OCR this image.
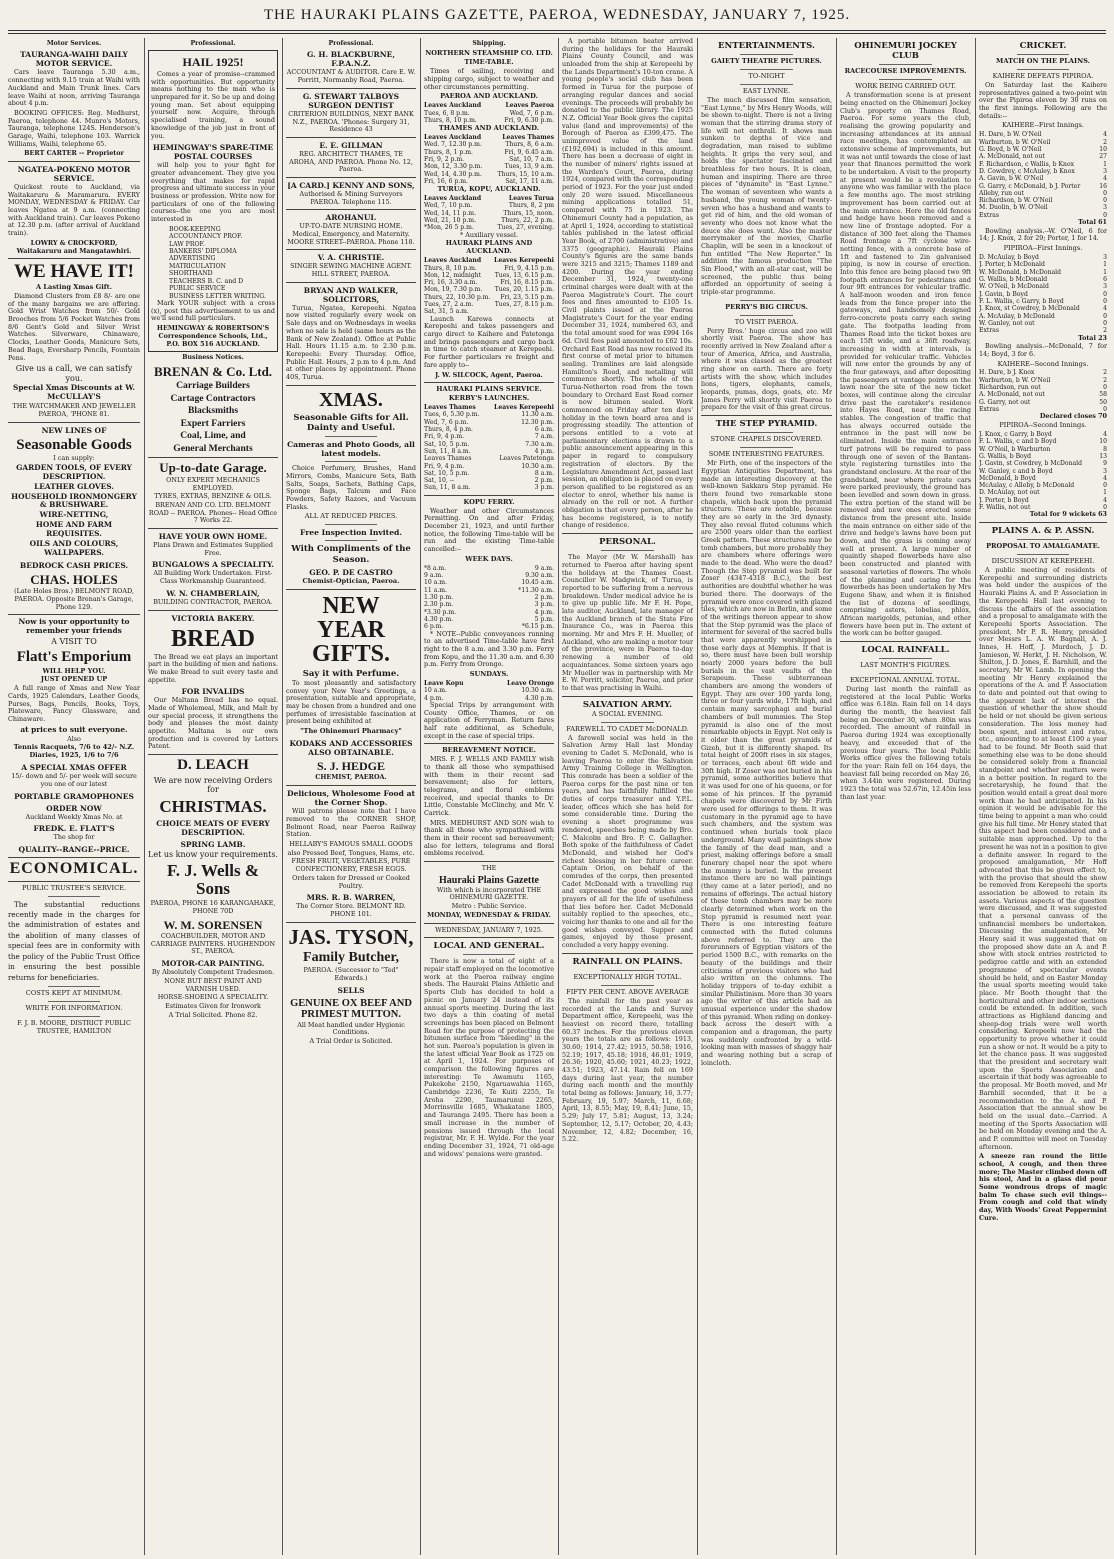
THE HAURAKI PLAINS GAZETTE, PAEROA, WEDNESDAY, JANUARY 7, 1925.
Motor Services.
TAURANGA-WAIHI DAILY MOTOR SERVICE.
Cars leave Tauranga 5.30 a.m., connecting with 9.15 train at Waihi with Auckland and Main Trunk lines. Cars leave Waihi at noon, arriving Tauranga about 4 p.m.
BOOKING OFFICES: Reg. Medhurst, Paeroa, telephone 44. Munro's Motors, Tauranga, telephone 124S. Henderson's Garage, Waihi, telephone 103. Warrick Williams, Waihi, telephone 65.
BERT CARTER -- Proprietor
NGATEA-POKENO MOTOR SERVICE.
Quickest route to Auckland, via Waitakaruru & Maramarura. EVERY MONDAY, WEDNESDAY & FRIDAY. Car leaves Ngatea at 9 a.m. (connecting with Auckland train). Car leaves Pokeno at 12.30 p.m. (after arrival of Auckland train).
LOWRY & CROCKFORD, Waitakaruru and Mangatawhiri.
WE HAVE IT!
A Lasting Xmas Gift.
Diamond Clusters from £8 8/- are one of the many bargains we are offering. Gold Wrist Watches from 50/- Gold Brooches from 5/6 Pocket Watches from 8/6 Gent's Gold and Silver Wrist Watches. Silverware, Chinaware, Clocks, Leather Goods, Manicure Sets, Bead Bags, Eversharp Pencils, Fountain Pens.
Give us a call, we can satisfy you.
Special Xmas Discounts at W. McCULLAY'S
THE WATCHMAKER AND JEWELLER PAEROA, 'PHONE 81.
NEW LINES OF
Seasonable Goods
I can supply:
GARDEN TOOLS, OF EVERY DESCRIPTION.
LEATHER GLOVES.
HOUSEHOLD IRONMONGERY & BRUSHWARE.
WIRE-NETTING,
HOME AND FARM REQUISITES.
OILS AND COLOURS, WALLPAPERS.
BEDROCK CASH PRICES.
CHAS. HOLES
(Late Holes Bros.) BELMONT ROAD, PAEROA. Opposite Brenan's Garage, Phone 129.
Now is your opportunity to remember your friends
A VISIT TO
Flatt's Emporium
WILL HELP YOU.
JUST OPENED UP
A full range of Xmas and New Year Cards, 1925 Calendars, Leather Goods, Purses, Bags, Pencils, Books, Toys, Plateware, Fancy Glassware, and Chinaware.
at prices to suit everyone.
Also
Tennis Racquets, 7/6 to 42/- N.Z. Diaries, 1925, 1/6 to 7/6
A SPECIAL XMAS OFFER
15/- down and 5/- per week will secure you one of our latest
PORTABLE GRAMOPHONES
ORDER NOW
Auckland Weekly Xmas No. at
FREDK. E. FLATT'S
The shop for
QUALITY--RANGE--PRICE.
ECONOMICAL.
PUBLIC TRUSTEE'S SERVICE.
The substantial reductions recently made in the charges for the administration of estates and the abolition of many classes of special fees are in conformity with the policy of the Public Trust Office in ensuring the best possible returns for beneficiaries.
COSTS KEPT AT MINIMUM.
WRITE FOR INFORMATION.
F. J. B. MOORE, DISTRICT PUBLIC TRUSTEE, HAMILTON
Professional.
HAIL 1925!
Comes a year of promise--crammed with opportunities. But opportunity means nothing to the man who is unprepared for it. So be up and doing young man. Set about equipping yourself now. Acquire, through specialised training, a sound knowledge of the job just in front of you.
HEMINGWAY'S SPARE-TIME POSTAL COURSES
will help you to your fight for greater advancement. They give you everything that makes for rapid progress and ultimate success in your business or profession. Write now for particulars of one of the following courses--the one you are most interested in
BOOK-KEEPING
ACCOUNTANCY PROF.
LAW PROF.
BANKERS' DIPLOMA
ADVERTISING
MATRICULATION
SHORTHAND
TEACHERS B. C. and D
PUBLIC SERVICE
BUSINESS LETTER WRITING.
Mark YOUR subject with a cross (x), post this advertisement to us and we'll send full particulars.
HEMINGWAY & ROBERTSON'S Correspondence Schools, Ltd., P.O. BOX 516 AUCKLAND.
Business Notices.
BRENAN & Co. Ltd.
Carriage Builders
Cartage Contractors
Blacksmiths
Expert Farriers
Coal, Lime, and
General Merchants
Up-to-date Garage.
ONLY EXPERT MECHANICS EMPLOYED.
TYRES, EXTRAS, BENZINE & OILS.
BRENAN AND CO. LTD. BELMONT ROAD -- PAEROA. Phones-- Head Office 7 Works 22.
HAVE YOUR OWN HOME.
Plans Drawn and Estimates Supplied Free.
BUNGALOWS A SPECIALITY.
All Building Work Undertaken. First-Class Workmanship Guaranteed.
W. N. CHAMBERLAIN,
BUILDING CONTRACTOR, PAEROA.
VICTORIA BAKERY.
BREAD
The Bread we eat plays an important part in the building of men and nations. We make Bread to suit every taste and appetite.
FOR INVALIDS
Our Maltana Bread has no equal. Made of Wholemeal, Milk, and Malt by our special process, it strengthens the body and pleases the most dainty appetite. Maltana is our own production and is covered by Letters Patent.
D. LEACH
We are now receiving Orders for
CHRISTMAS.
CHOICE MEATS OF EVERY DESCRIPTION.
SPRING LAMB.
Let us know your requirements.
F. J. Wells & Sons
PAEROA, PHONE 16 KARANGAHAKE, PHONE 70D
W. M. SORENSEN
COACHBUILDER, MOTOR AND CARRIAGE PAINTERS. HUGHENDON ST., PAEROA.
MOTOR-CAR PAINTING.
By Absolutely Competent Tradesmen.
NONE BUT BEST PAINT AND VARNISH USED.
HORSE-SHOEING A SPECIALITY.
Estimates Given for Ironwork
A Trial Solicited. Phone 82.
Professional.
G. H. BLACKBURNE, F.P.A.N.Z.
ACCOUNTANT & AUDITOR. Care E. W. Porritt, Normanby Road, Paeroa.
G. STEWART TALBOYS SURGEON DENTIST
CRITERION BUILDINGS, NEXT BANK N.Z., PAEROA. 'Phones: Surgery 31, Residence 43
E. E. GILLMAN
REG. ARCHITECT THAMES, TE AROHA, AND PAEROA. Phone No. 12, Paeroa.
[A CARD.] KENNY AND SONS,
Authorised & Mining Surveyors PAEROA. Telephone 115.
AROHANUI.
UP-TO-DATE NURSING HOME. Medical, Emergency, and Maternity. MOORE STREET--PAEROA. Phone 118.
V. A. CHRISTIE.
SINGER SEWING MACHINE AGENT. HILL STREET, PAEROA.
BRYAN AND WALKER, SOLICITORS,
Turua, Ngatea, Kerepeehi. Ngatea now visited regularly every week on Sale days and on Wednesdays in weeks when no sale is held (same hours as the Bank of New Zealand). Office at Public Hall. Hours 11.15 a.m. to 2.30 p.m. Kerepeehi: Every Thursday. Office, Public Hall. Hours, 2 p.m to 4 p.m. And at other places by appointment. Phone 40S, Turua.
XMAS.
Seasonable Gifts for All. Dainty and Useful.
Cameras and Photo Goods, all latest models.
Choice Perfumery, Brushes, Hand Mirrors, Combs, Manicure Sets, Bath Salts, Soaps, Sachets, Bathing Caps, Sponge Bags, Talcum and Face Powders, Safety Razors, and Vacuum Flasks.
ALL AT REDUCED PRICES.
Free Inspection Invited.
With Compliments of the Season.
GEO. P. DE CASTRO
Chemist-Optician, Paeroa.
NEW YEAR GIFTS.
Say it with Perfume.
To most pleasantly and satisfactory convey your New Year's Greetings, a presentation, suitable and appropriate, may be chosen from a hundred and one perfumes of irresistable fascination at present being exhibited at
"The Ohinemuri Pharmacy"
KODAKS AND ACCESSORIES ALSO OBTAINABLE.
S. J. HEDGE
CHEMIST, PAEROA.
Delicious, Wholesome Food at the Corner Shop.
Will patrons please note that I have removed to the CORNER SHOP, Belmont Road, near Paeroa Railway Station.
HELLABY'S FAMOUS SMALL GOODS
also Pressed Beef, Tongues, Hams, etc.
FRESH FRUIT, VEGETABLES, PURE CONFECTIONERY, FRESH EGGS.
Orders taken for Dressed or Cooked Poultry.
MRS. R. B. WARREN,
The Corner Store. BELMONT RD. PHONE 101.
JAS. TYSON,
Family Butcher,
PAEROA. (Successor to "Ted" Edwards.)
SELLS
GENUINE OX BEEF AND PRIMEST MUTTON.
All Meat handled under Hygienic Conditions.
A Trial Order is Solicited.
Shipping.
NORTHERN STEAMSHIP CO. LTD.
TIME-TABLE.
Times of sailing, receiving and shipping cargo, subject to weather and other circumstances permitting.
PAEROA AND AUCKLAND.
Leaves Auckland	Leaves Paeroa
Tues, 6, 8 p.m.	Wed, 7, 6 p.m.
Thurs, 8, 10 p.m.	Fri, 9, 6.30 p.m.
THAMES AND AUCKLAND.
Leaves Auckland	Leaves Thames
Wed. 7, 12.30 p.m.	Thurs, 8, 6 a.m.
Thurs, 8, 1 p.m.	Fri, 9, 6.45 a.m.
Fri, 9, 2 p.m.	Sat, 10, 7 a.m.
Mon, 12, 3.30 p.m.	Tues, 13, 9 a.m.
Wed, 14, 4.30 p.m.	Thurs, 15, 10 a.m.
Fri, 16, 6 p.m.	Sat, 17, 11 a.m.
TURUA, KOPU, AUCKLAND.
Leaves Auckland	Leaves Turua
Wed, 7, 10 p.m.	Thurs, 8, 2 pm
Wed, 14, 11 p.m.	Thurs, 15, noon.
Wed, 21, 10 p.m.	Thurs, 22, 2 p.m.
*Mon, 26 5 p.m.	Tues, 27, evening.
* Auxiliary vessel.
HAURAKI PLAINS AND AUCKLAND.
Leaves Auckland	Leaves Kerepeehi
Thurs, 8, 10 p.m.	Fri, 9, 4.15 p.m.
Mon, 12, midnight	Tues, 13, 6.15 p.m.
Fri, 16, 3.30 a.m.	Fri, 16, 8.15 p.m.
Mon, 19, 7.30 p.m.	Tues, 20, 1.15 p.m.
Thurs, 22, 10.30 p.m.	Fri, 23, 5.15 p.m.
Tues, 27, 2 a.m.	Tues, 27, 8.15 p.m.
Sat, 31, 5 a.m.	
Launch Karewa connects at Kerepeehi and takes passengers and cargo direct to Kaihere and Patetonga and brings passengers and cargo back in time to catch steamer at Kerepeehi. For further particulars re freight and fare apply to--
J. W. SILCOCK, Agent, Paeroa.
HAURAKI PLAINS SERVICE.
KERBY'S LAUNCHES.
Leaves Thames	Leaves Kerepeehi
Tues, 6, 5.30 p.m.	11.30 a.m.
Wed, 7, 6 p.m.	12.30 p.m.
Thurs, 8, 4 p.m.	6 a.m.
Fri, 9, 4 p.m.	7 a.m.
Sat, 10, 5 p.m.	7.30 a.m.
Sun, 11, 8 a.m.	4 p.m.
Leaves Thames	Leaves Patetonga
Fri, 9, 4 p.m.	10.30 a.m.
Sat, 10, 5 p.m.	8 a.m.
Sat, 10, --	2 p.m.
Sun, 11, 8 a.m.	3 p.m.
KOPU FERRY.
Weather and other Circumstances Permitting. On and after Friday, December 21, 1923, and until further notice, the following Time-table will be run and the existing Time-table cancelled:--
WEEK DAYS.
*8 a.m.	9 a.m.
9 a.m.	9.30 a.m.
10 a.m.	10.45 a.m.
11 a.m.	*11.30 a.m.
1.30 p.m.	2 p.m.
2.30 p.m.	3 p.m.
*3.30 p.m.	4 p.m.
4.30 p.m.	5 p.m.
6 p.m.	*6.15 p.m.
* NOTE--Public conveyances running to an advertised Time-table have first right to the 8 a.m. and 3.30 p.m. Ferry from Kopu, and the 11.30 a.m. and 6.30 p.m. Ferry from Orongo.
SUNDAYS.
Leave Kopu	Leave Orongo
10 a.m.	10.30 a.m.
4 p.m.	4.30 p.m.
Special Trips by arrangement with County Office, Thames, or on application of Ferryman. Return fares half rate additional, as Schedule, except in the case of special trips.
BEREAVEMENT NOTICE.
MRS. F. J. WELLS AND FAMILY wish to thank all those who sympathised with them in their recent sad bereavement; also for letters, telegrams, and floral emblems received, and special thanks to Dr. Little, Constable McClinchy, and Mr. V. Carrick.
MRS. MEDHURST AND SON wish to thank all those who sympathised with them in their recent sad bereavement; also for letters, telegrams and floral emblems received.
THE
Hauraki Plains Gazette
With which is incorporated THE OHINEMURI GAZETTE.
Metro : Public Service.
MONDAY, WEDNESDAY & FRIDAY.
WEDNESDAY, JANUARY 7, 1925.
LOCAL AND GENERAL.
There is now a total of eight of a repair staff employed on the locomotive work at the Paeroa railway engine sheds. The Hauraki Plains Athletic and Sports Club has decided to hold a picnic on January 24 instead of its annual sports meeting. During the last two days a thin coating of metal screenings has been placed on Belmont Road for the purpose of protecting the bitumen surface from "bleeding" in the hot sun. Paeroa's population is given in the latest official Year Book as 1725 on at April 1, 1924. For purposes of comparison the following figures are interesting: Te Awamutu 1165, Pukekohe 2150, Ngaruawahia 1165, Cambridge 2236, Te Kuiti 2255, Te Aroha 2290, Taumarunui 2265, Morrinsville 1685, Whakatane 1805, and Tauranga 2495. There has been a small increase in the number of pensions issued through the local registrar, Mr. F. H. Wylde. For the year ending December 31, 1924, 71 old-age and widows' pensions were granted.
A portable bitumen heater arrived during the holidays for the Hauraki Plains County Council, and was unloaded from the ship at Kerepeehi by the Lands Department's 10-ton crane. A young people's social club has been formed in Turua for the purpose of arranging regular dances and social evenings. The proceeds will probably be donated to the public library. The 1925 N.Z. Official Year Book gives the capital value (land and improvements) of the Borough of Paeroa as £399,475. The unimproved value of the land (£192,694) is included in this amount. There has been a decrease of eight in the number of miners' rights issued at the Warden's Court, Paeroa, during 1924, compared with the corresponding period of 1923. For the year just ended only 20 were issued. Miscellaneous mining applications totalled 51, compared with 75 in 1923. The Ohinemuri County had a population, as at April 1, 1924, according to statistical tables published in the latest official Year Book, of 2700 (administrative) and 3375 (geographic). Hauraki Plains County's figures are the same bands were 3215 and 3215; Thames 1189 and 4200. During the year ending December 31, 1924, twenty-one criminal charges were dealt with at the Paeroa Magistrate's Court. The court fees and fines amounted to £105 1s. Civil plaints issued at the Paeroa Magistrate's Court for the year ending December 31, 1924, numbered 63, and the total amount sued for was £994 16s 6d. Civil fees paid amounted to £62 10s. Orchard East Road has now received its first course of metal prior to bitumen sealing. Tramlines are laid alongside Hamilton's Road, and metalling will commence shortly. The whole of the Turua-Netherton road from the town boundary to Orchard East Road corner is now bitumen sealed. Work commenced on Friday after ten days' holiday in the town board area and is progressing steadily. The attention of persons entitled to a vote at parliamentary elections is drawn to a public announcement appearing in this paper in regard to compulsory registration of electors. By the Legislature Amendment Act, passed last session, an obligation is placed on every person qualified to be registered as an elector to enrol, whether his name is already on the roll or not. A further obligation is that every person, after he has become registered, is to notify change of residence.
PERSONAL.
The Mayor (Mr W. Marshall) has returned to Paeroa after having spent the holidays at the Thames Coast. Councillor W. Madgwick, of Turua, is reported to be suffering from a nervous breakdown. Under medical advice he is to give up public life. Mr F. H. Pope, late auditor, Auckland, late manager of the Auckland branch of the State Fire Insurance Co., was in Paeroa this morning. Mr and Mrs F. H. Mueller, of Auckland, who are making a motor tour of the province, were in Paeroa to-day renewing a number of old acquaintances. Some sixteen years ago Mr Mueller was in partnership with Mr E. W. Porritt, solicitor, Paeroa, and prior to that was practising in Waihi.
SALVATION ARMY.
A SOCIAL EVENING.
FAREWELL TO CADET McDONALD.
A farewell social was held in the Salvation Army Hall last Monday evening to Cadet S. McDonald, who is leaving Paeroa to enter the Salvation Army Training College in Wellington. This comrade has been a soldier of the Paeroa corps for the past nine or ten years, and has faithfully fulfilled the duties of corps treasurer and Y.P.L. leader, offices which she has held for some considerable time. During the evening a short programme was rendered, speeches being made by Bro. C. Malcolm and Bro. P. C. Gallagher. Both spoke of the faithfulness of Cadet McDonald, and wished her God's richest blessing in her future career. Captain Orion, on behalf of the comrades of the corps, then presented Cadet McDonald with a travelling rug and expressed the good wishes and prayers of all for the life of usefulness that lies before her. Cadet McDonald suitably replied to the speeches, etc., voicing her thanks to one and all for the good wishes conveyed. Supper and games, enjoyed by those present, concluded a very happy evening.
RAINFALL ON PLAINS.
EXCEPTIONALLY HIGH TOTAL.
FIFTY PER CENT. ABOVE AVERAGE
The rainfall for the past year as recorded at the Lands and Survey Department office, Kerepeehi, was the heaviest on record there, totalling 60.37 inches. For the previous eleven years the totals are as follows: 1913, 30.60; 1914, 27.42; 1915, 50.58; 1916, 52.19; 1917, 45.18; 1918, 46.01; 1919, 26.36; 1920, 45.60; 1921, 40.23; 1922, 43.51; 1923, 47.14. Rain fell on 169 days during last year, the number during each month and the monthly total being as follows: January, 16, 3.77; February, 19, 5.97; March, 11, 6.68; April, 13, 8.55; May, 19, 8.41; June, 15, 5.29; July 17, 5.81; August, 13, 3.24; September, 12, 5.17; October, 20, 4.43; November, 12, 4.82; December, 16, 5.22.
ENTERTAINMENTS.
GAIETY THEATRE PICTURES.
TO-NIGHT
EAST LYNNE.
The much discussed film sensation, "East Lynne," by Mrs Henry Woods, will be shown to-night. There is not a living woman that the stirring drama story of life will not enthrall. It shows man sunken to depths of vice and degradation, man raised to sublime heights. It grips the very soul, and holds the spectator fascinated and breathless for two hours. It is clean, human and inspiring. There are three pieces of "dynamite" in "East Lynne." The woman of seventeen who wants a husband, the young woman of twenty-seven who has a husband and wants to get rid of him, and the old woman of seventy who does not know what the deuce she does want. Also the master merrymaker of the movies, Charlie Chaplin, will be seen in a knockout of fun entitled "The New Reporter." In addition the famous production "The Sin Flood," with an all-star cast, will be screened, the public thus being afforded an opportunity of seeing a triple-star programme.
PERRY'S BIG CIRCUS.
TO VISIT PAEROA.
Perry Bros.' huge circus and zoo will shortly visit Paeroa. The show has recently arrived in New Zealand after a tour of America, Africa, and Australia, where it was classed as the greatest ring show on earth. There are forty artists with the show, which includes lions, tigers, elephants, camels, leopards, pumas, dogs, goats, etc. Mr James Perry will shortly visit Paeroa to prepare for the visit of this great circus.
THE STEP PYRAMID.
STONE CHAPELS DISCOVERED.
SOME INTERESTING FEATURES.
Mr Firth, one of the inspectors of the Egyptian Antiquities Department, has made an interesting discovery at the well-known Sakkara Step pyramid. He there found two remarkable stone chapels, which back upon the pyramid structure. These are notable, because they are so early in the 3rd dynasty. They also reveal fluted columns which are 2500 years older than the earliest Greek pattern. These structures may be tomb chambers, but more probably they are chambers where offerings were made to the dead. Who were the dead? Though the Step pyramid was built for Zoser (4347-4318 B.C.), the best authorities are doubtful whether he was buried there. The doorways of the pyramid were once covered with glazed tiles, which are now in Berlin, and some of the writings thereon appear to show that the Step pyramid was the place of interment for several of the sacred bulls that were apparently worshipped in those early days at Memphis. If that is so, there must have been bull worship nearly 2000 years before the bull burials in the vast vaults of the Serapeum. These subterranean chambers are among the wonders of Egypt. They are over 100 yards long, three or four yards wide, 17ft high, and contain many sarcophagi and burial chambers of bull mummies. The Step pyramid is also one of the most remarkable objects in Egypt. Not only is it older than the great pyramids of Gizeh, but it is differently shaped. Its total height of 200ft rises in six stages, or terraces, each about 6ft wide and 30ft high. If Zoser was not buried in his pyramid, some authorities believe that it was used for one of his queens, or for some of his princes. If the pyramid chapels were discovered by Mr Firth were used for offerings to them. It was customary in the pyramid age to have such chambers, and the system was continued when burials took place underground. Many wall paintings show the family of the dead man, and a priest, making offerings before a small funerary chapel near the spot where the mummy is buried. In the present instance there are no wall paintings (they came at a later period), and no remains of offerings. The actual history of these tomb chambers may be more clearly determined when work on the Step pyramid is resumed next year. There is one interesting feature connected with the fluted columns above referred to. They are the forerunners of Egyptian visitors of the period 1500 B.C., with remarks on the beauty of the buildings and their criticisms of previous visitors who had also written on the columns. The holiday trippers of to-day exhibit a similar Philistinism. More than 30 years ago the writer of this article had an unusual experience under the shadow of this pyramid. When riding on donkey-back across the desert with a companion and a dragoman, the party was suddenly confronted by a wild-looking man with masses of shaggy hair and wearing nothing but a scrap of loincloth.
OHINEMURI JOCKEY CLUB
RACECOURSE IMPROVEMENTS.
WORK BEING CARRIED OUT.
A transformation scene is at present being enacted on the Ohinemuri Jockey Club's property on Thames Road, Paeroa. For some years the club, realising the growing popularity and increasing attendances at its annual race meetings, has contemplated an extensive scheme of improvements, but it was not until towards the close of last year that finances permitted the work to be undertaken. A visit to the property at present would be a revelation to anyone who was familiar with the place a few months ago. The most striking improvement has been carried out at the main entrance. Here the old fences and hedge have been removed and a new line of frontage adopted. For a distance of 300 feet along the Thames Road frontage a 7ft cyclone wire-netting fence, with a concrete base of 1ft and fastened to 2in galvanised piping, is now in course of erection. Into this fence are being placed two 9ft footpath entrances for pedestrians and four 9ft entrances for vehicular traffic. A half-moon wooden and iron fence leads from the fence proper into the gateways, and handsomely designed ferro-concrete posts carry each swing gate. The footpaths leading from Thames Road into the ticket boxes are each 15ft wide, and a 36ft roadway, increasing in width at intervals, is provided for vehicular traffic. Vehicles will now enter the grounds by any of the four gateways, and after depositing the passengers at vantage points on the lawn near the site of the new ticket boxes, will continue along the circular drive past the caretaker's residence into Hayes Road, near the racing stables. The congestion of traffic that has always occurred outside the entrance in the past will now be eliminated. Inside the main entrance turf patrons will be required to pass through one of seven of the Bantam-style registering turnstiles into the grandstand enclosure. At the rear of the grandstand, near where private cars were parked previously, the ground has been levelled and sown down in grass. The extra portion of the stand will be removed and new ones erected some distance from the present site. Inside the main entrance on either side of the drive and hedge's lawns have been put down, and the grass is coming away well at present. A large number of quaintly shaped flowerbeds have also been constructed and planted with seasonal varieties of flowers. The whole of the planning and caring for the flowerbeds has been undertaken by Mrs Eugene Shaw, and when it is finished the list of dozens of seedlings, comprising asters, lobelias, phlox, African marigolds, petunias, and other flowers have been put in. The extent of the work can be better gauged.
LOCAL RAINFALL.
LAST MONTH'S FIGURES.
EXCEPTIONAL ANNUAL TOTAL.
During last month the rainfall as registered at the local Public Works office was 6.18in. Rain fell on 14 days during the month, the heaviest fall being on December 30, when .80in was recorded. The amount of rainfall in Paeroa during 1924 was exceptionally heavy, and exceeded that of the previous four years. The local Public Works office gives the following totals for the year: Rain fell on 164 days, the heaviest fall being recorded on May 26, when 3.44in were registered. During 1923 the total was 52.67in, 12.45in less than last year.
CRICKET.
MATCH ON THE PLAINS.
KAIHERE DEFEATS PIPIROA.
On Saturday last the Kaihere representatives gained a two-point win over the Pipiroa eleven by 30 runs on the first innings. Following are the details:--
KAIHERE--First Innings.
H. Dare, b W. O'Neil	4
Warburton, b W. O'Neil	2
G. Boyd, b W. O'Neil	10
A. McDonald, not out	27
F. Richardson, c Wallis, b Knox	1
D. Cowdrey, c McAuley, b Knox	3
A. Gavin, b W. O'Neil	4
G. Garry, c McDonald, b J. Porter	16
Alleby, run out	0
Richardson, b W. O'Neil	0
M. Duolin, b W. O'Neil	3
Extras	0
Total 61
Bowling analysis.--W. O'Neil, 6 for 14; J. Knox, 2 for 29; Porter, 1 for 14.
PIPIROA--First Innings.
D. McAulay, b Boyd	3
J. Porter, b McDonald	1
W. McDonald, b McDonald	1
G. Wallis, b McDonald	6
W. O'Neil, b McDonald	3
J. Gavin, b Boyd	0
F. L. Wallis, c Garry, b Boyd	0
J. Knox, st Cowdrey, b McDonald	4
A. McAulay, b McDonald	0
W. Ganley, not out	0
Extras	2
Total 23
Bowling analysis.--McDonald, 7 for 14; Boyd, 3 for 6.
KAIHERE--Second Innings.
H. Dare, b J. Knox	2
Warburton, b W. O'Neil	2
Richardson, run out	0
A. McDonald, not out	58
G. Garry, not out	50
Extras	0
Declared closes 70
PIPIROA--Second Innings.
J. Knox, c Garry, b Boyd	4
F. L. Wallis, c and b Boyd	10
W. O'Neil, b Warburton	8
G. Wallis, b Boyd	13
J. Gavin, st Cowdrey, b McDonald	9
W. Ganley, c and b Boyd	3
McDonald, b Boyd	4
McAulay, c Alleby, b McDonald	0
D. McAulay, not out	1
J. Porter, b Boyd	4
F. Wallis, not out	0
Total for 9 wickets 63
PLAINS A. & P. ASSN.
PROPOSAL TO AMALGAMATE.
DISCUSSION AT KEREPEEHI.
A public meeting of residents of Kerepeehi and surrounding districts was held under the auspices of the Hauraki Plains A. and P. Association in the Kerepeehi Hall last evening to discuss the affairs of the association and a proposal to amalgamate with the Kerepeehi Sports Association. The president, Mr P. R. Henry, presided over Messrs L. A. W. Bagnall, A. J. Innes, H. Hoff, J. Murdoch, J. D. Jamieson, W. Herkt, J. H. Nicholson, W. Shilton, J. D. Jones, E. Barnhill, and the secretary, Mr W. Lamb. In opening the meeting Mr Henry explained the operations of the A. and P. Association to date and pointed out that owing to the apparent lack of interest the question of whether the show should be held or not should be given serious consideration. The loss money had been spent, and interest and rates, etc., amounting to at least £100 a year had to be found. Mr Booth said that something else was to be done should be considered solely from a financial standpoint and whether matters were in a better position. In regard to the secretaryship, he found that the position would entail a great deal more work than he had anticipated. In his opinion it would be advisable for the time being to appoint a man who could give his full time. Mr Henry stated that this aspect had been considered and a suitable man approached. Up to the present he was not in a position to give a definite answer. In regard to the proposed amalgamation, Mr Hoff advocated that this be given effect to, with the proviso that should the show be removed from Kerepeehi the sports association be allowed to retain its assets. Various aspects of the question were discussed, and it was suggested that a personal canvass of the unfinancial members be undertaken. Discussing the amalgamation, Mr Henry said it was suggested that on the proposed show date an A. and P. show with stock entries restricted to pedigree cattle and with an extended programme of spectacular events should be held, and on Easter Monday the usual sports meeting would take place. Mr Booth thought that the horticultural and other indoor sections could be extended. In addition, such attractions as Highland dancing and sheep-dog trials were well worth considering. Kerepeehi now had the opportunity to prove whether it could run a show or not. It would be a pity to let the chance pass. It was suggested that the president and secretary wait upon the Sports Association and ascertain if that body was agreeable to the proposal. Mr Booth moved, and Mr Barnhill seconded, that it be a recommendation to the A. and P. Association that the annual show be held on the usual date.--Carried. A meeting of the Sports Association will be held on Monday evening and the A. and P. committee will meet on Tuesday afternoon.
A sneeze ran round the little school, A cough, and then three more; The Master climbed down off his stool, And in a glass did pour Some wondrous drops of magic balm To chase such evil things-- From cough and cold that windy day, With Woods' Great Peppermint Cure.
